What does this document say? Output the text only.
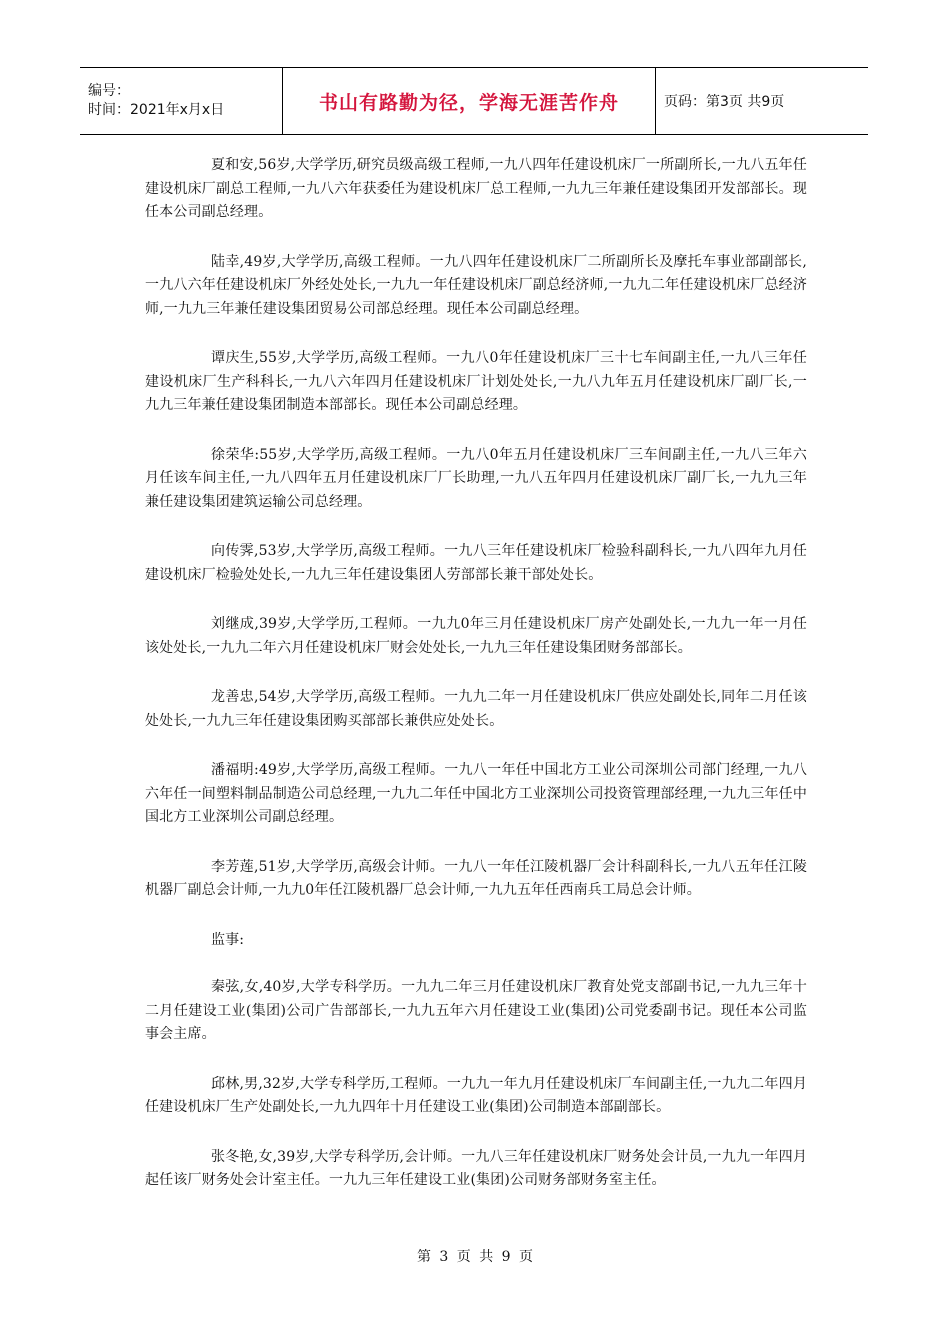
编号：
时间：2021年x月x日	书山有路勤为径，学海无涯苦作舟	页码：第3页 共9页

夏和安,56岁,大学学历,研究员级高级工程师,一九八四年任建设机床厂一所副所长,一九八五年任建设机床厂副总工程师,一九八六年获委任为建设机床厂总工程师,一九九三年兼任建设集团开发部部长。现任本公司副总经理。

陆幸,49岁,大学学历,高级工程师。一九八四年任建设机床厂二所副所长及摩托车事业部副部长,一九八六年任建设机床厂外经处处长,一九九一年任建设机床厂副总经济师,一九九二年任建设机床厂总经济师,一九九三年兼任建设集团贸易公司部总经理。现任本公司副总经理。

谭庆生,55岁,大学学历,高级工程师。一九八0年任建设机床厂三十七车间副主任,一九八三年任建设机床厂生产科科长,一九八六年四月任建设机床厂计划处处长,一九八九年五月任建设机床厂副厂长,一九九三年兼任建设集团制造本部部长。现任本公司副总经理。

徐荣华:55岁,大学学历,高级工程师。一九八0年五月任建设机床厂三车间副主任,一九八三年六月任该车间主任,一九八四年五月任建设机床厂厂长助理,一九八五年四月任建设机床厂副厂长,一九九三年兼任建设集团建筑运输公司总经理。

向传霁,53岁,大学学历,高级工程师。一九八三年任建设机床厂检验科副科长,一九八四年九月任建设机床厂检验处处长,一九九三年任建设集团人劳部部长兼干部处处长。

刘继成,39岁,大学学历,工程师。一九九0年三月任建设机床厂房产处副处长,一九九一年一月任该处处长,一九九二年六月任建设机床厂财会处处长,一九九三年任建设集团财务部部长。

龙善忠,54岁,大学学历,高级工程师。一九九二年一月任建设机床厂供应处副处长,同年二月任该处处长,一九九三年任建设集团购买部部长兼供应处处长。

潘福明:49岁,大学学历,高级工程师。一九八一年任中国北方工业公司深圳公司部门经理,一九八六年任一间塑料制品制造公司总经理,一九九二年任中国北方工业深圳公司投资管理部经理,一九九三年任中国北方工业深圳公司副总经理。

李芳莲,51岁,大学学历,高级会计师。一九八一年任江陵机器厂会计科副科长,一九八五年任江陵机器厂副总会计师,一九九0年任江陵机器厂总会计师,一九九五年任西南兵工局总会计师。

监事:

秦弦,女,40岁,大学专科学历。一九九二年三月任建设机床厂教育处党支部副书记,一九九三年十二月任建设工业(集团)公司广告部部长,一九九五年六月任建设工业(集团)公司党委副书记。现任本公司监事会主席。

邱林,男,32岁,大学专科学历,工程师。一九九一年九月任建设机床厂车间副主任,一九九二年四月任建设机床厂生产处副处长,一九九四年十月任建设工业(集团)公司制造本部副部长。

张冬艳,女,39岁,大学专科学历,会计师。一九八三年任建设机床厂财务处会计员,一九九一年四月起任该厂财务处会计室主任。一九九三年任建设工业(集团)公司财务部财务室主任。

第 3 页 共 9 页
